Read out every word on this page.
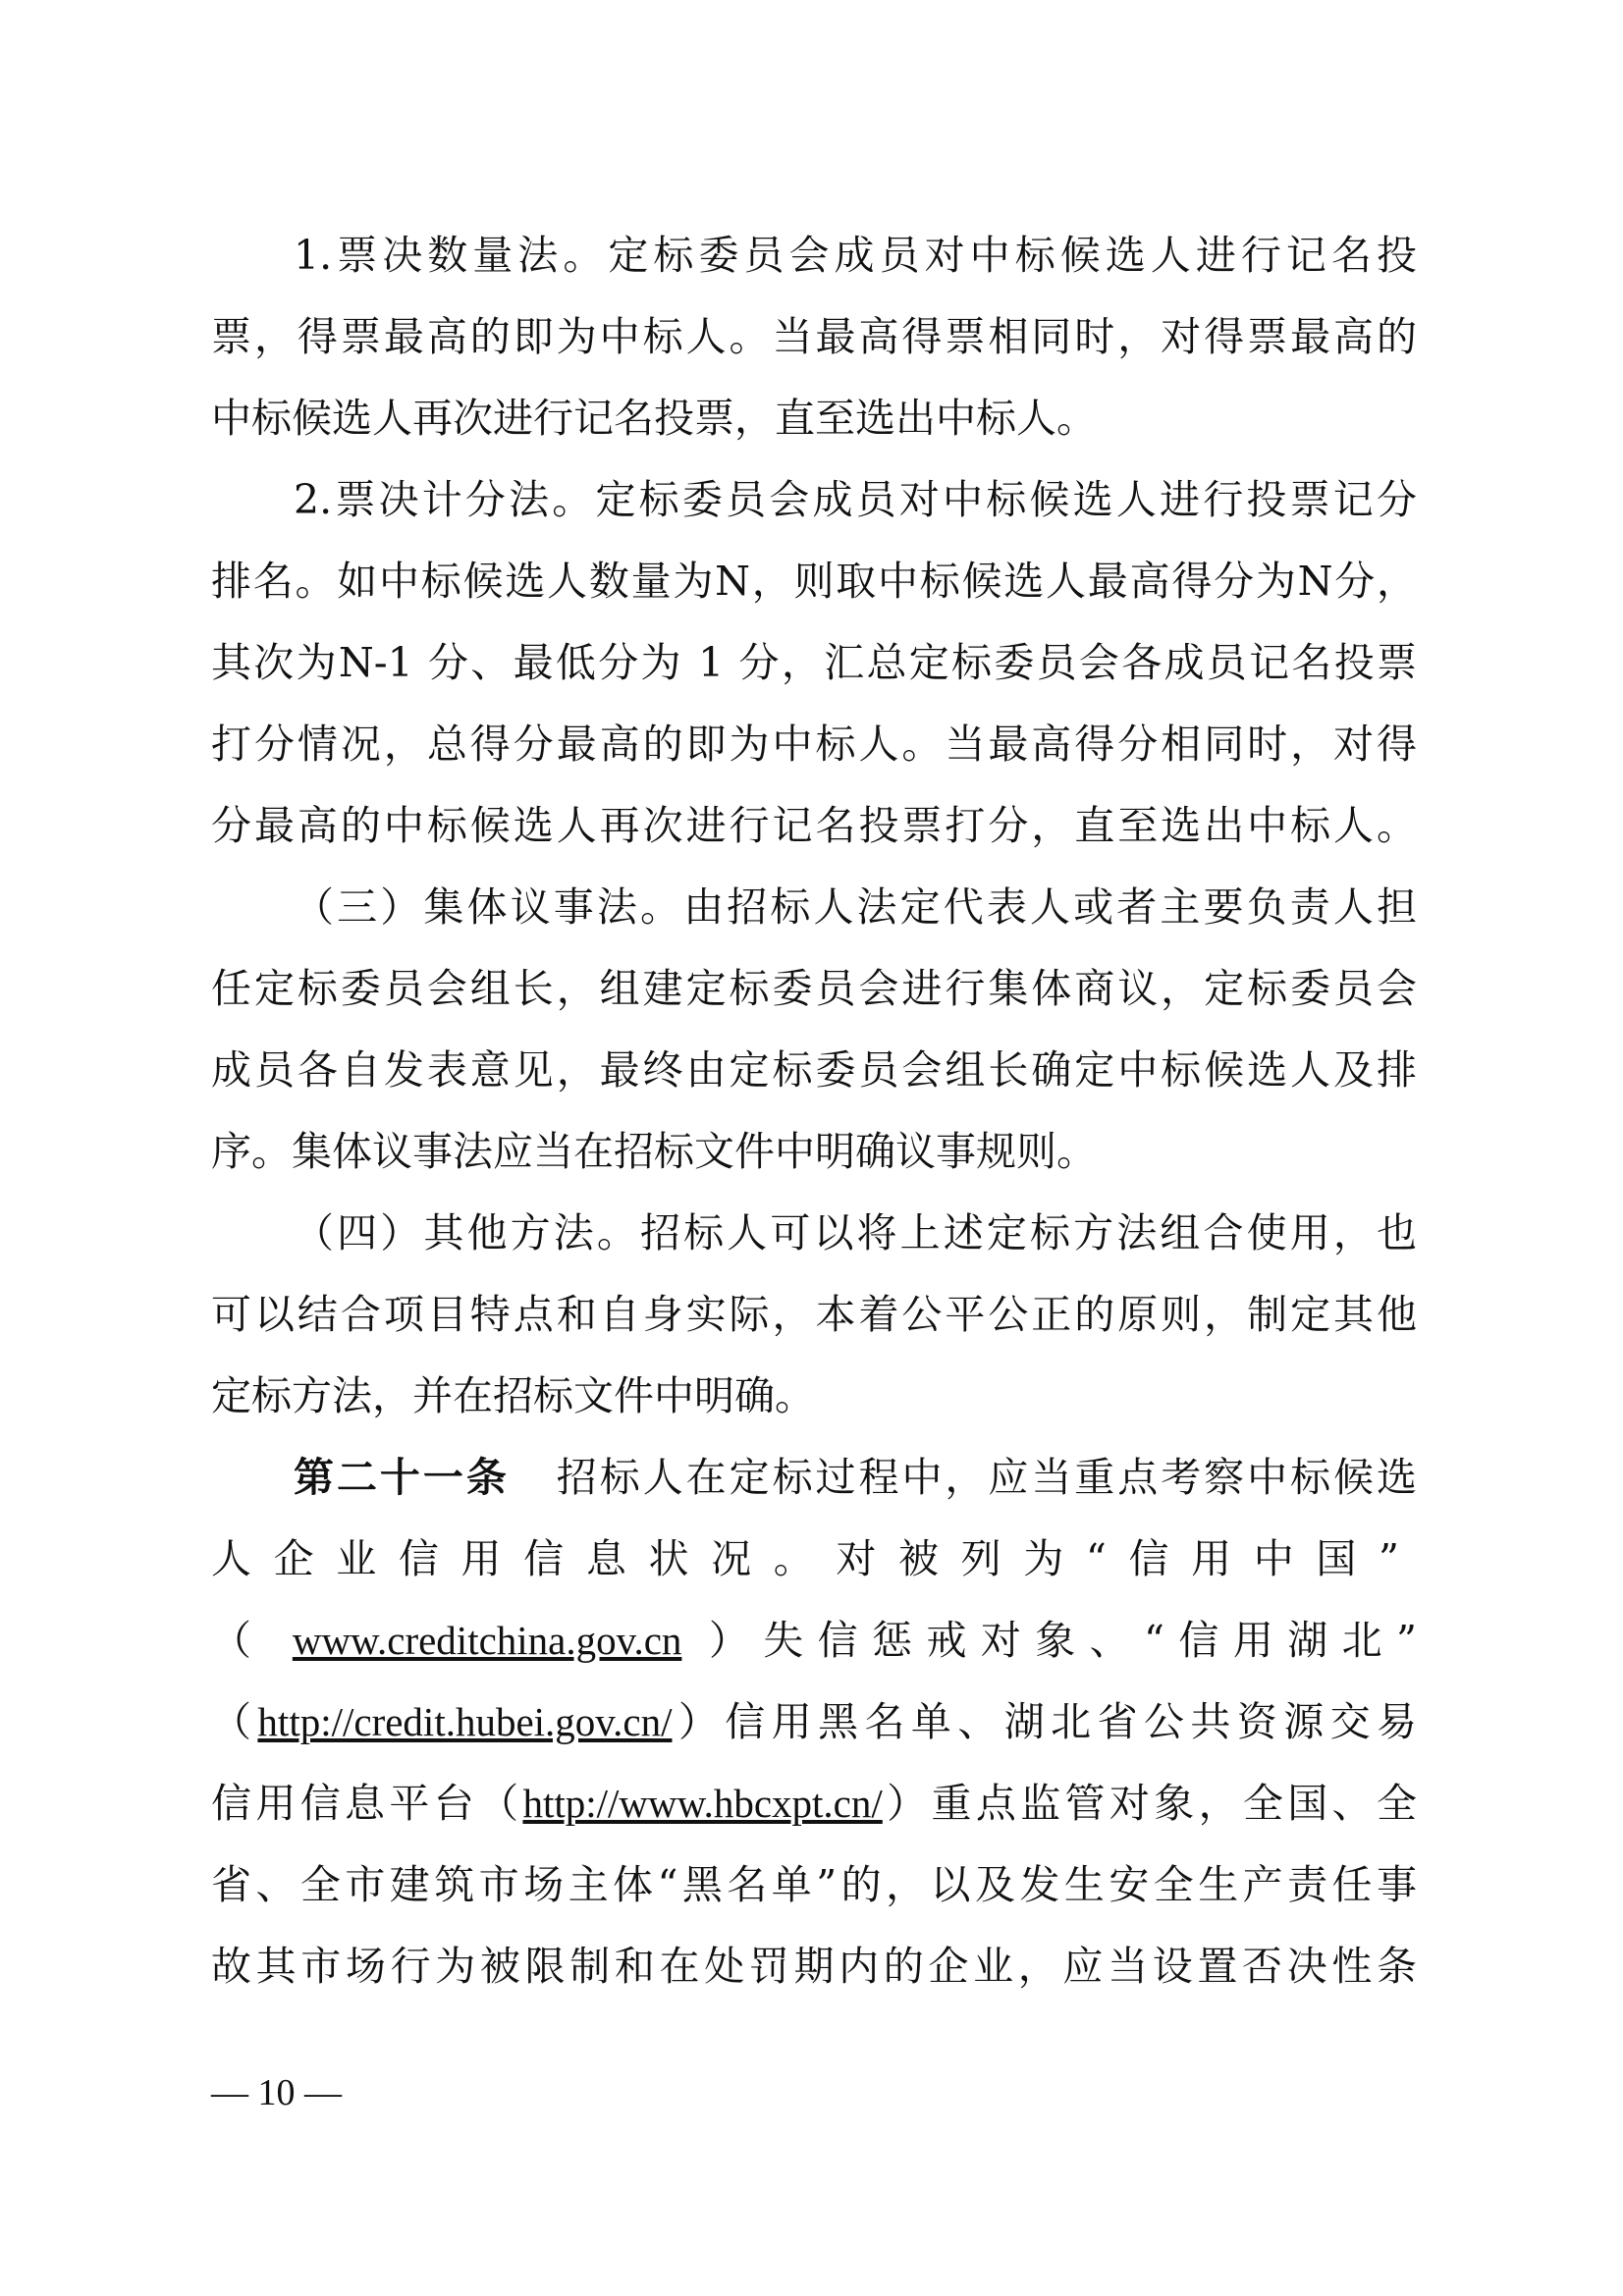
1.票决数量法。定标委员会成员对中标候选人进行记名投
票，得票最高的即为中标人。当最高得票相同时，对得票最高的
中标候选人再次进行记名投票，直至选出中标人。
2.票决计分法。定标委员会成员对中标候选人进行投票记分
排名。如中标候选人数量为N，则取中标候选人最高得分为N分，
其次为N-1 分、最低分为 1 分，汇总定标委员会各成员记名投票
打分情况，总得分最高的即为中标人。当最高得分相同时，对得
分最高的中标候选人再次进行记名投票打分，直至选出中标人。
（三）集体议事法。由招标人法定代表人或者主要负责人担
任定标委员会组长，组建定标委员会进行集体商议，定标委员会
成员各自发表意见，最终由定标委员会组长确定中标候选人及排
序。集体议事法应当在招标文件中明确议事规则。
（四）其他方法。招标人可以将上述定标方法组合使用，也
可以结合项目特点和自身实际，本着公平公正的原则，制定其他
定标方法，并在招标文件中明确。
第二十一条 招标人在定标过程中，应当重点考察中标候选
人企业信用信息状况。对被列为“信用中国”
（ www.creditchina.gov.cn ）失信惩戒对象、“信用湖北”
（http://credit.hubei.gov.cn/）信用黑名单、湖北省公共资源交易
信用信息平台（http://www.hbcxpt.cn/）重点监管对象，全国、全
省、全市建筑市场主体“黑名单”的，以及发生安全生产责任事
故其市场行为被限制和在处罚期内的企业，应当设置否决性条
— 10 —
